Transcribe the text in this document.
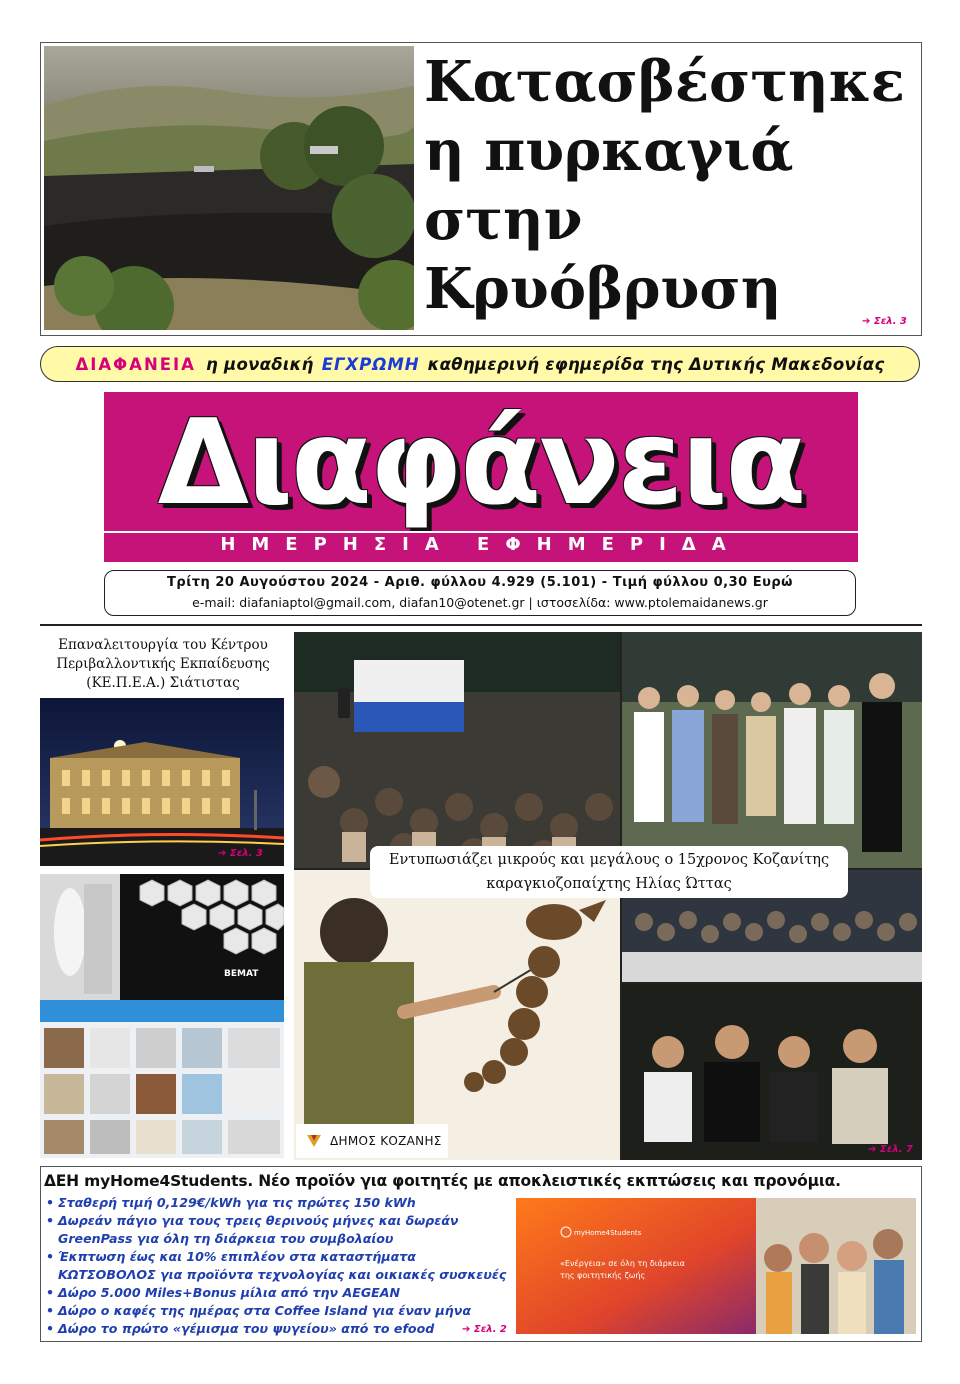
Κατασβέστηκε
η πυρκαγιά
στην
Κρυόβρυση	➔ Σελ. 3
ΔΙΑΦΑΝΕΙΑ η μοναδική ΕΓΧΡΩΜΗ καθημερινή εφημερίδα της Δυτικής Μακεδονίας
Διαφάνεια
ΗΜΕΡΗΣΙΑ ΕΦΗΜΕΡΙΔΑ
Τρίτη 20 Αυγούστου 2024 - Αριθ. φύλλου 4.929 (5.101) - Τιμή φύλλου 0,30 Ευρώ
e-mail: diafaniaptol@gmail.com, diafan10@otenet.gr | ιστοσελίδα: www.ptolemaidanews.gr
Επαναλειτουργία του Κέντρου
Περιβαλλοντικής Εκπαίδευσης
(ΚΕ.Π.Ε.Α.) Σιάτιστας
➔ Σελ. 3
BEMAT
➔ Σελ. 7
Εντυπωσιάζει μικρούς και μεγάλους ο 15χρονος Κοζανίτης
καραγκιοζοπαίχτης Ηλίας Ώττας
ΔΗΜΟΣ ΚΟΖΑΝΗΣ
ΔΕΗ myHome4Students. Νέο προϊόν για φοιτητές με αποκλειστικές εκπτώσεις και προνόμια.
• Σταθερή τιμή 0,129€/kWh για τις πρώτες 150 kWh
• Δωρεάν πάγιο για τους τρεις θερινούς μήνες και δωρεάν
GreenPass για όλη τη διάρκεια του συμβολαίου
• Έκπτωση έως και 10% επιπλέον στα καταστήματα
ΚΩΤΣΟΒΟΛΟΣ για προϊόντα τεχνολογίας και οικιακές συσκευές
• Δώρο 5.000 Miles+Bonus μίλια από την AEGEAN
• Δώρο ο καφές της ημέρας στα Coffee Island για έναν μήνα
• Δώρο το πρώτο «γέμισμα του ψυγείου» από το efood	➔ Σελ. 2
myHome4Students
«Ενέργεια» σε όλη τη διάρκεια
της φοιτητικής ζωής
